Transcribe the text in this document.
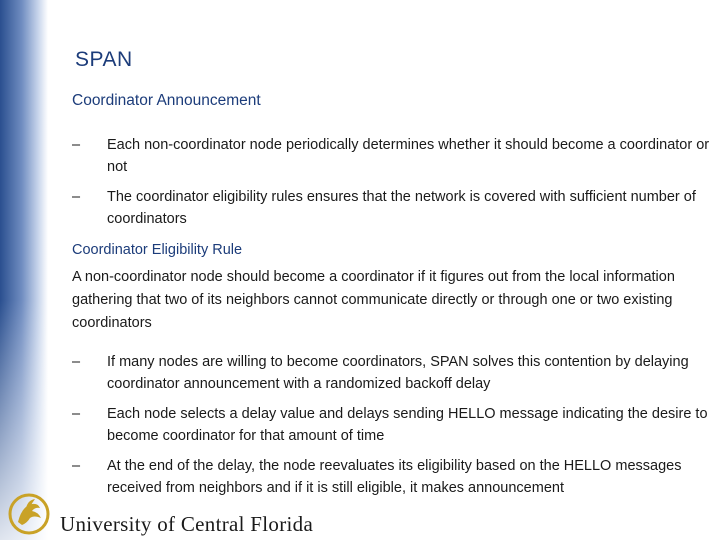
SPAN
Coordinator Announcement
–	Each non-coordinator node periodically determines whether it should become a coordinator or not
–	The coordinator eligibility rules ensures that the network is covered with sufficient number of coordinators
Coordinator Eligibility Rule
A non-coordinator node should become a coordinator if it figures out from the local information gathering that two of its neighbors cannot communicate directly or through one or two existing coordinators
–	If many nodes are willing to become coordinators, SPAN solves this contention by delaying coordinator announcement with a randomized backoff delay
–	Each node selects a delay value and delays sending HELLO message indicating the desire to become coordinator for that amount of time
–	At the end of the delay, the node reevaluates its eligibility based on the HELLO messages received from neighbors and if it is still eligible, it makes announcement
University of Central Florida
